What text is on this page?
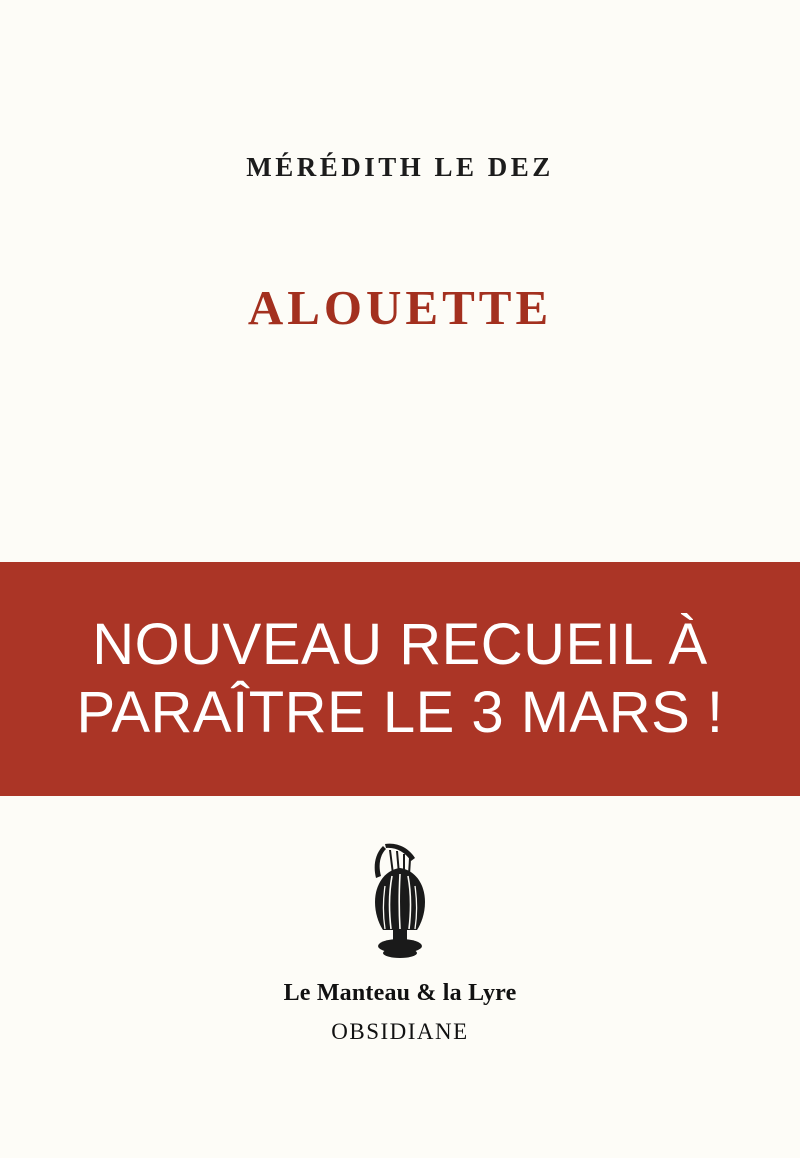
MÉRÉDITH LE DEZ
ALOUETTE
NOUVEAU RECUEIL À
PARAÎTRE LE 3 MARS !
Le Manteau & la Lyre
OBSIDIANE
